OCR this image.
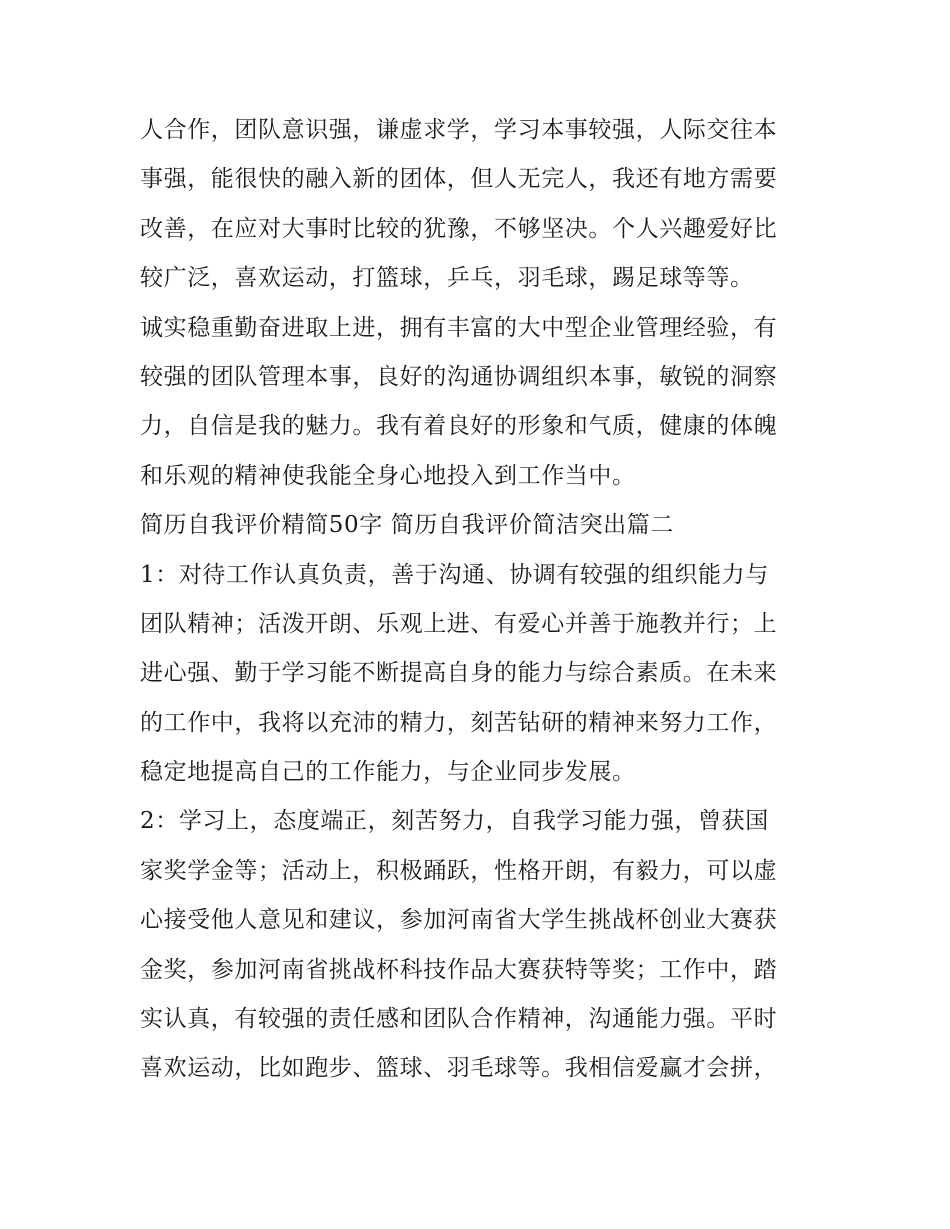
人合作，团队意识强，谦虚求学，学习本事较强，人际交往本
事强，能很快的融入新的团体，但人无完人，我还有地方需要
改善，在应对大事时比较的犹豫，不够坚决。个人兴趣爱好比
较广泛，喜欢运动，打篮球，乒乓，羽毛球，踢足球等等。
诚实稳重勤奋进取上进，拥有丰富的大中型企业管理经验，有
较强的团队管理本事，良好的沟通协调组织本事，敏锐的洞察
力，自信是我的魅力。我有着良好的形象和气质，健康的体魄
和乐观的精神使我能全身心地投入到工作当中。
简历自我评价精简50字 简历自我评价简洁突出篇二
1：对待工作认真负责，善于沟通、协调有较强的组织能力与
团队精神；活泼开朗、乐观上进、有爱心并善于施教并行；上
进心强、勤于学习能不断提高自身的能力与综合素质。在未来
的工作中，我将以充沛的精力，刻苦钻研的精神来努力工作，
稳定地提高自己的工作能力，与企业同步发展。
2：学习上，态度端正，刻苦努力，自我学习能力强，曾获国
家奖学金等；活动上，积极踊跃，性格开朗，有毅力，可以虚
心接受他人意见和建议，参加河南省大学生挑战杯创业大赛获
金奖，参加河南省挑战杯科技作品大赛获特等奖；工作中，踏
实认真，有较强的责任感和团队合作精神，沟通能力强。平时
喜欢运动，比如跑步、篮球、羽毛球等。我相信爱赢才会拼，
